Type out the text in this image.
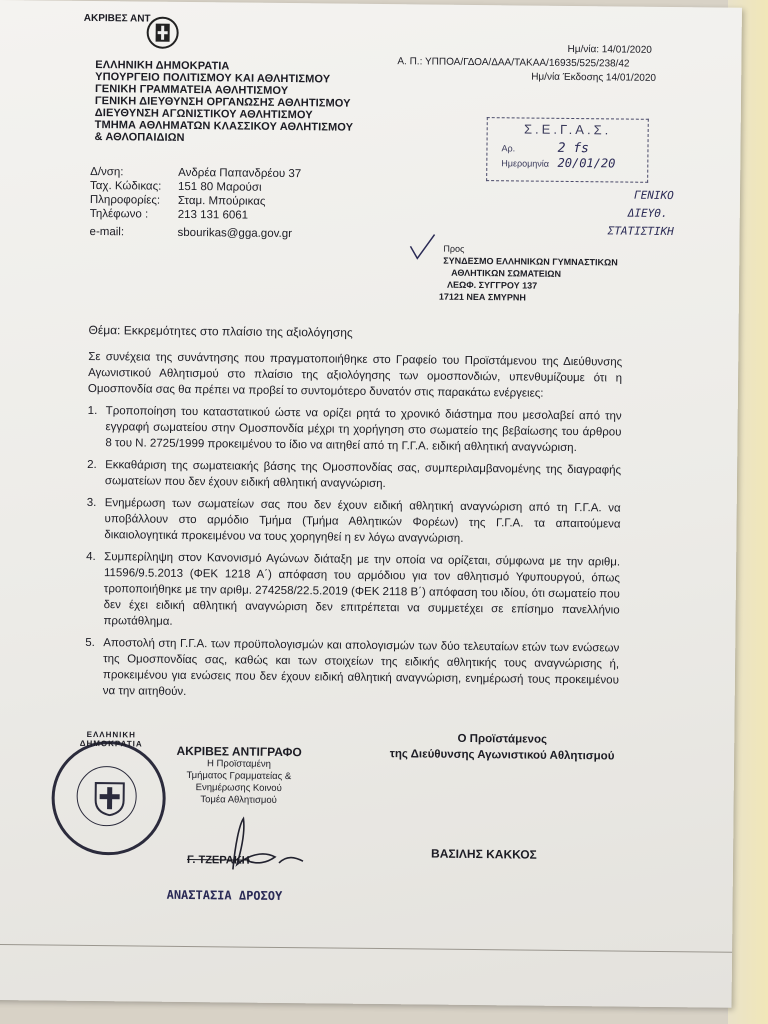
ΑΚΡΙΒΕΣ ΑΝΤ
Ημ/νία: 14/01/2020
Α. Π.: ΥΠΠΟΑ/ΓΔΟΑ/ΔΑΑ/ΤΑΚΑΑ/16935/525/238/42
Ημ/νία Έκδοσης 14/01/2020
ΕΛΛΗΝΙΚΗ ΔΗΜΟΚΡΑΤΙΑ
ΥΠΟΥΡΓΕΙΟ ΠΟΛΙΤΙΣΜΟΥ ΚΑΙ ΑΘΛΗΤΙΣΜΟΥ
ΓΕΝΙΚΗ ΓΡΑΜΜΑΤΕΙΑ ΑΘΛΗΤΙΣΜΟΥ
ΓΕΝΙΚΗ ΔΙΕΥΘΥΝΣΗ ΟΡΓΑΝΩΣΗΣ ΑΘΛΗΤΙΣΜΟΥ
ΔΙΕΥΘΥΝΣΗ ΑΓΩΝΙΣΤΙΚΟΥ ΑΘΛΗΤΙΣΜΟΥ
ΤΜΗΜΑ ΑΘΛΗΜΑΤΩΝ ΚΛΑΣΣΙΚΟΥ ΑΘΛΗΤΙΣΜΟΥ
& ΑΘΛΟΠΑΙΔΙΩΝ
Δ/νση:	Ανδρέα Παπανδρέου 37
Ταχ. Κώδικας:	151 80 Μαρούσι
Πληροφορίες:	Σταμ. Μπούρικας
Τηλέφωνο :	213 131 6061
e-mail:	sbourikas@gga.gov.gr
Σ.Ε.Γ.Α.Σ.
Αρ.	2 fs
Ημερομηνία 20/01/20
ΓΕΝΙΚΟ
ΔΙΕΥΘ.
ΣΤΑΤΙΣΤΙΚΗ
Προς
ΣΥΝΔΕΣΜΟ ΕΛΛΗΝΙΚΩΝ ΓΥΜΝΑΣΤΙΚΩΝ
ΑΘΛΗΤΙΚΩΝ ΣΩΜΑΤΕΙΩΝ
ΛΕΩΦ. ΣΥΓΓΡΟΥ 137
17121 ΝΕΑ ΣΜΥΡΝΗ
Θέμα: Εκκρεμότητες στο πλαίσιο της αξιολόγησης
Σε συνέχεια της συνάντησης που πραγματοποιήθηκε στο Γραφείο του Προϊστάμενου της Διεύθυνσης Αγωνιστικού Αθλητισμού στο πλαίσιο της αξιολόγησης των ομοσπονδιών, υπενθυμίζουμε ότι η Ομοσπονδία σας θα πρέπει να προβεί το συντομότερο δυνατόν στις παρακάτω ενέργειες:
1. Τροποποίηση του καταστατικού ώστε να ορίζει ρητά το χρονικό διάστημα που μεσολαβεί από την εγγραφή σωματείου στην Ομοσπονδία μέχρι τη χορήγηση στο σωματείο της βεβαίωσης του άρθρου 8 του Ν. 2725/1999 προκειμένου το ίδιο να αιτηθεί από τη Γ.Γ.Α. ειδική αθλητική αναγνώριση.
2. Εκκαθάριση της σωματειακής βάσης της Ομοσπονδίας σας, συμπεριλαμβανομένης της διαγραφής σωματείων που δεν έχουν ειδική αθλητική αναγνώριση.
3. Ενημέρωση των σωματείων σας που δεν έχουν ειδική αθλητική αναγνώριση από τη Γ.Γ.Α. να υποβάλλουν στο αρμόδιο Τμήμα (Τμήμα Αθλητικών Φορέων) της Γ.Γ.Α. τα απαιτούμενα δικαιολογητικά προκειμένου να τους χορηγηθεί η εν λόγω αναγνώριση.
4. Συμπερίληψη στον Κανονισμό Αγώνων διάταξη με την οποία να ορίζεται, σύμφωνα με την αριθμ. 11596/9.5.2013 (ΦΕΚ 1218 Α΄) απόφαση του αρμόδιου για τον αθλητισμό Υφυπουργού, όπως τροποποιήθηκε με την αριθμ. 274258/22.5.2019 (ΦΕΚ 2118 Β΄) απόφαση του ιδίου, ότι σωματείο που δεν έχει ειδική αθλητική αναγνώριση δεν επιτρέπεται να συμμετέχει σε επίσημο πανελλήνιο πρωτάθλημα.
5. Αποστολή στη Γ.Γ.Α. των προϋπολογισμών και απολογισμών των δύο τελευταίων ετών των ενώσεων της Ομοσπονδίας σας, καθώς και των στοιχείων της ειδικής αθλητικής τους αναγνώρισης ή, προκειμένου για ενώσεις που δεν έχουν ειδική αθλητική αναγνώριση, ενημέρωσή τους προκειμένου να την αιτηθούν.
Ο Προϊστάμενος
της Διεύθυνσης Αγωνιστικού Αθλητισμού
ΒΑΣΙΛΗΣ ΚΑΚΚΟΣ
ΕΛΛΗΝΙΚΗ ΔΗΜΟΚΡΑΤΙΑ
ΑΚΡΙΒΕΣ ΑΝΤΙΓΡΑΦΟ
Η Προϊσταμένη
Τμήματος Γραμματείας &
Ενημέρωσης Κοινού
Τομέα Αθλητισμού
Γ. ΤΖΕΡΑΚΗ
ΑΝΑΣΤΑΣΙΑ ΔΡΟΣΟΥ
